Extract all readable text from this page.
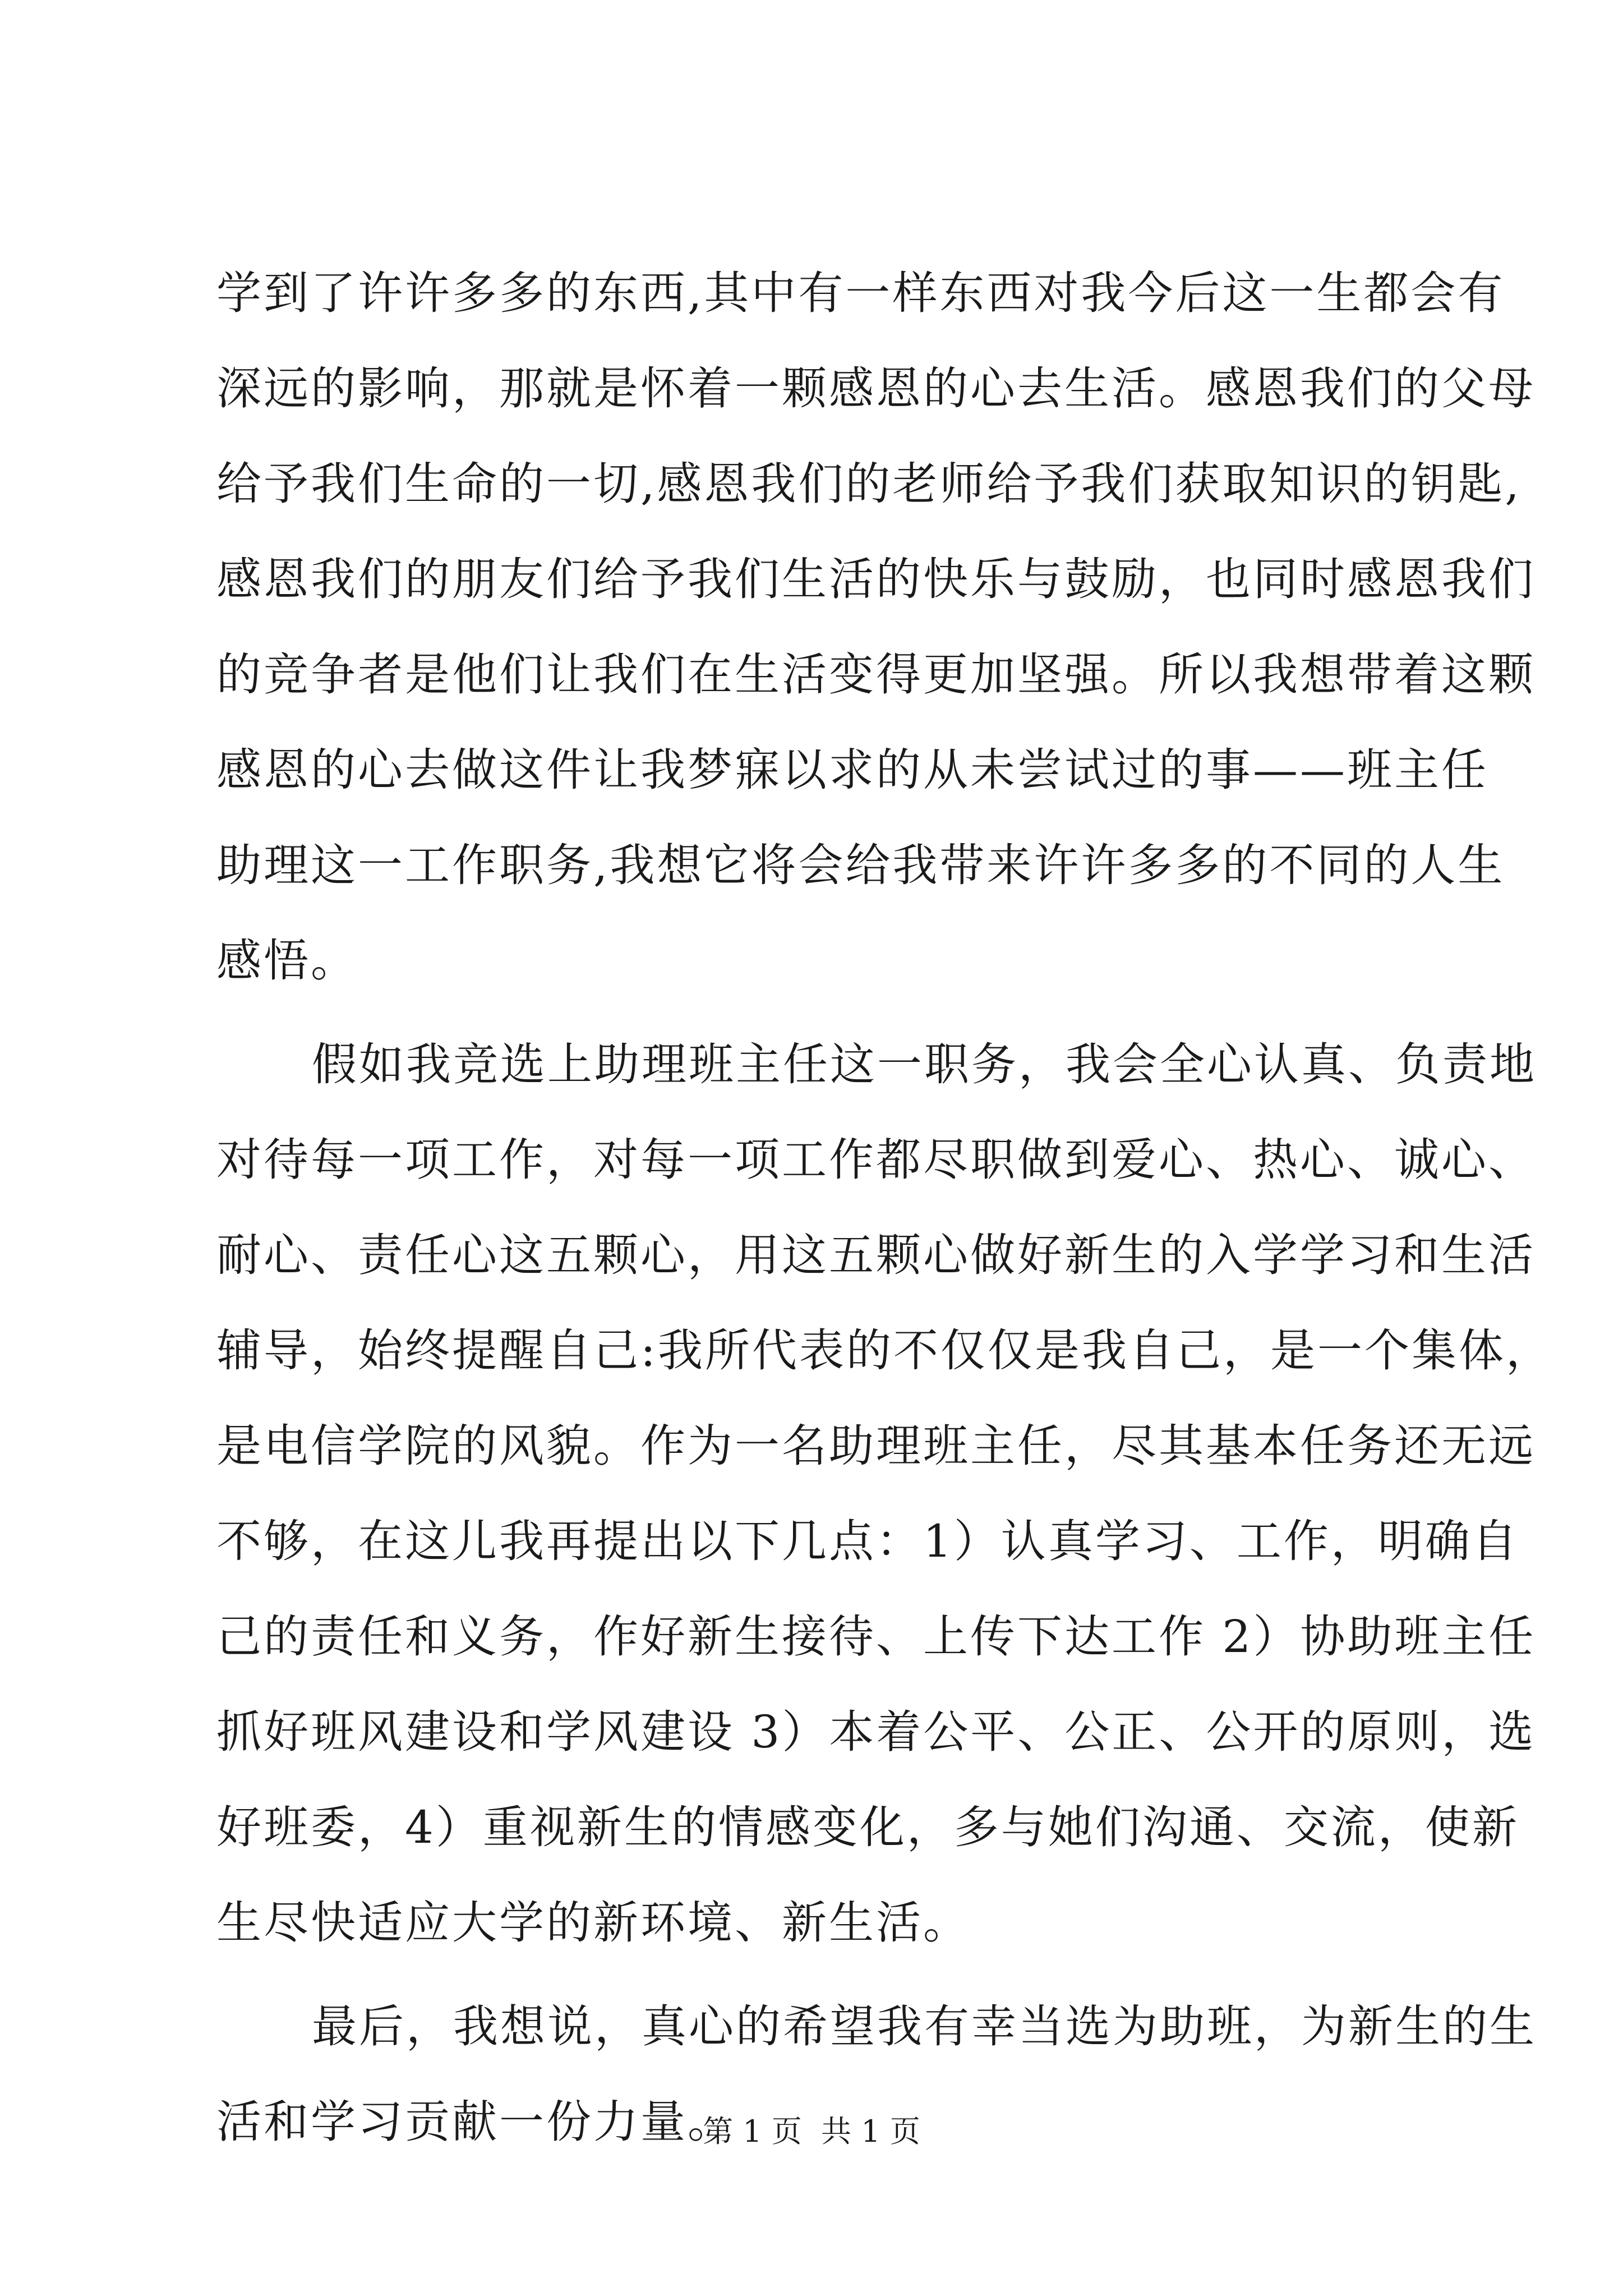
学到了许许多多的东西,其中有一样东西对我今后这一生都会有
深远的影响，那就是怀着一颗感恩的心去生活。感恩我们的父母
给予我们生命的一切,感恩我们的老师给予我们获取知识的钥匙,
感恩我们的朋友们给予我们生活的快乐与鼓励，也同时感恩我们
的竞争者是他们让我们在生活变得更加坚强。所以我想带着这颗
感恩的心去做这件让我梦寐以求的从未尝试过的事——班主任
助理这一工作职务,我想它将会给我带来许许多多的不同的人生
感悟。
假如我竞选上助理班主任这一职务，我会全心认真、负责地
对待每一项工作，对每一项工作都尽职做到爱心、热心、诚心、
耐心、责任心这五颗心，用这五颗心做好新生的入学学习和生活
辅导，始终提醒自己:我所代表的不仅仅是我自己，是一个集体，
是电信学院的风貌。作为一名助理班主任，尽其基本任务还无远
不够，在这儿我再提出以下几点：1）认真学习、工作，明确自
己的责任和义务，作好新生接待、上传下达工作 2）协助班主任
抓好班风建设和学风建设 3）本着公平、公正、公开的原则，选
好班委，4）重视新生的情感变化，多与她们沟通、交流，使新
生尽快适应大学的新环境、新生活。
最后，我想说，真心的希望我有幸当选为助班，为新生的生
活和学习贡献一份力量。
第 1 页  共 1 页
